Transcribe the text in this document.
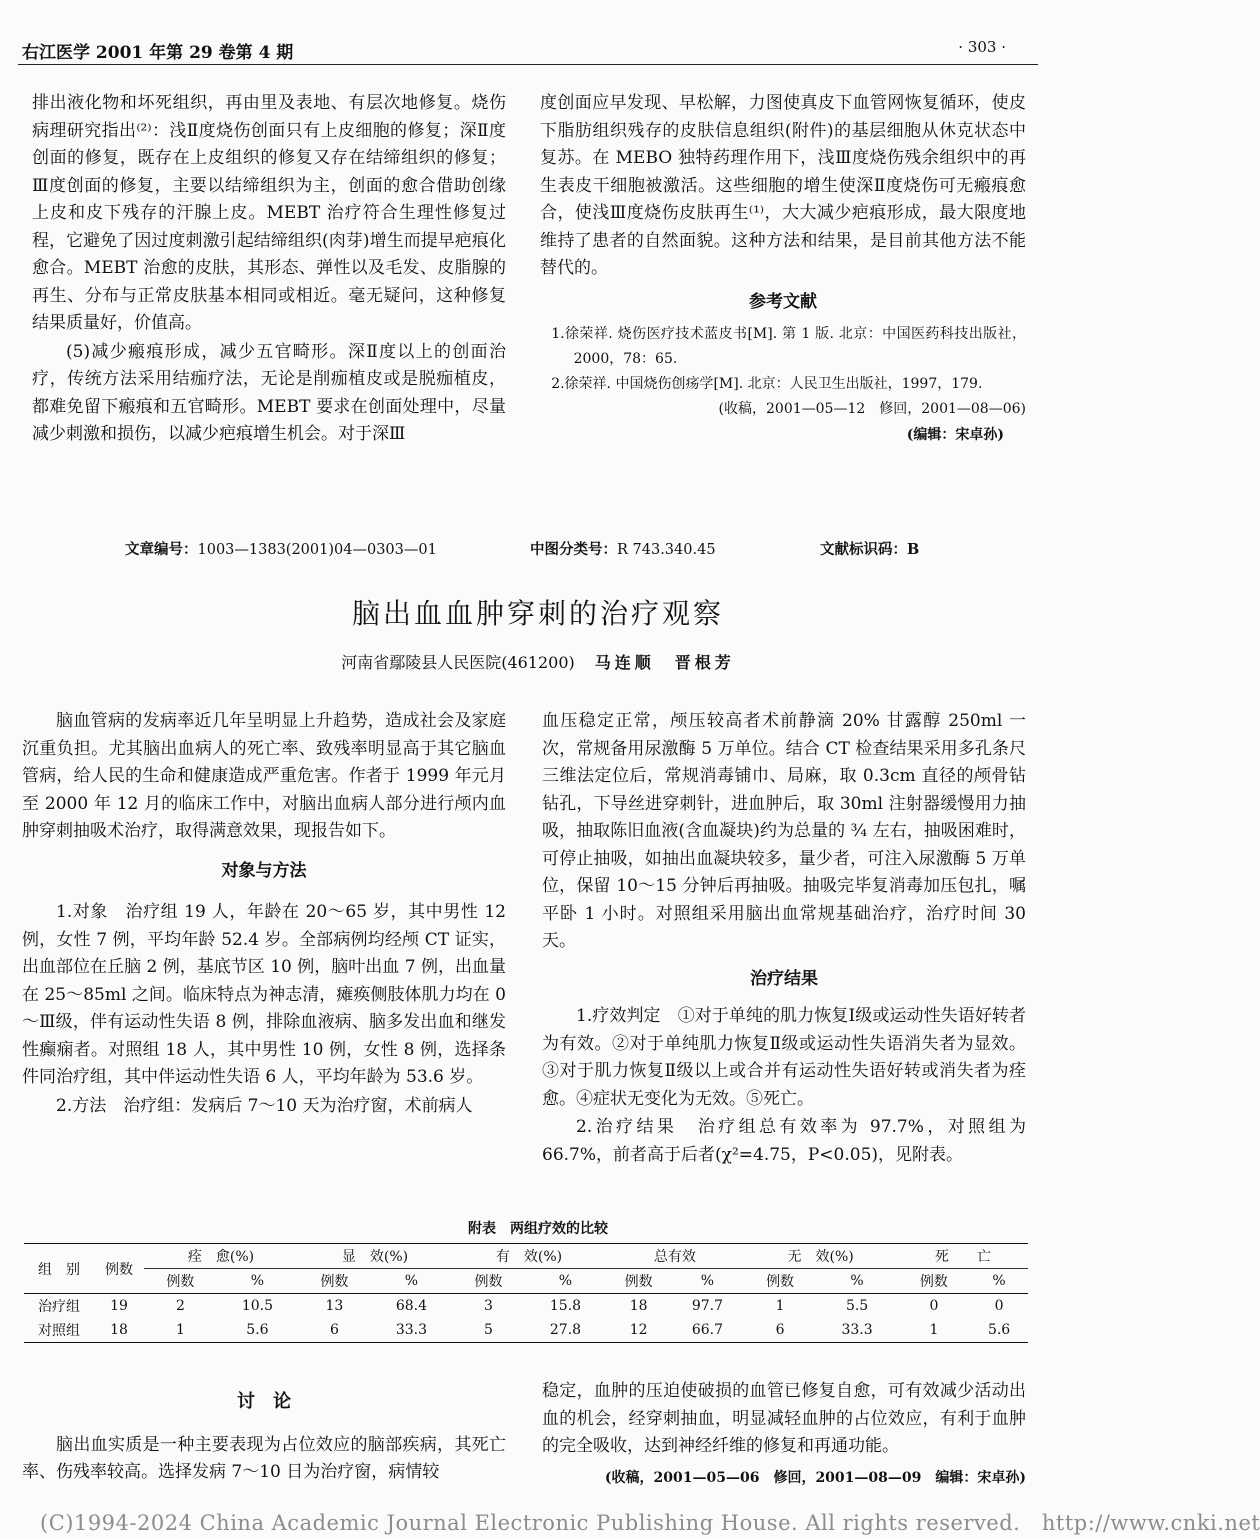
右江医学 2001 年第 29 卷第 4 期	· 303 ·

排出液化物和坏死组织，再由里及表地、有层次地修复。烧伤病理研究指出⁽²⁾：浅Ⅱ度烧伤创面只有上皮细胞的修复；深Ⅱ度创面的修复，既存在上皮组织的修复又存在结缔组织的修复；Ⅲ度创面的修复，主要以结缔组织为主，创面的愈合借助创缘上皮和皮下残存的汗腺上皮。MEBT 治疗符合生理性修复过程，它避免了因过度刺激引起结缔组织(肉芽)增生而提早疤痕化愈合。MEBT 治愈的皮肤，其形态、弹性以及毛发、皮脂腺的再生、分布与正常皮肤基本相同或相近。毫无疑问，这种修复结果质量好，价值高。

(5)减少瘢痕形成，减少五官畸形。深Ⅱ度以上的创面治疗，传统方法采用结痂疗法，无论是削痂植皮或是脱痂植皮，都难免留下瘢痕和五官畸形。MEBT 要求在创面处理中，尽量减少刺激和损伤，以减少疤痕增生机会。对于深Ⅲ

度创面应早发现、早松解，力图使真皮下血管网恢复循环，使皮下脂肪组织残存的皮肤信息组织(附件)的基层细胞从休克状态中复苏。在 MEBO 独特药理作用下，浅Ⅲ度烧伤残余组织中的再生表皮干细胞被激活。这些细胞的增生使深Ⅱ度烧伤可无瘢痕愈合，使浅Ⅲ度烧伤皮肤再生⁽¹⁾，大大减少疤痕形成，最大限度地维持了患者的自然面貌。这种方法和结果，是目前其他方法不能替代的。

参考文献

1.徐荣祥. 烧伤医疗技术蓝皮书[M]. 第 1 版. 北京：中国医药科技出版社，2000，78：65.

2.徐荣祥. 中国烧伤创疡学[M]. 北京：人民卫生出版社，1997，179.

(收稿，2001—05—12　修回，2001—08—06)

(编辑：宋卓孙)

文章编号：1003—1383(2001)04—0303—01	中图分类号：R 743.340.45	文献标识码：B
脑出血血肿穿刺的治疗观察
河南省鄢陵县人民医院(461200) 马连顺　晋根芳

脑血管病的发病率近几年呈明显上升趋势，造成社会及家庭沉重负担。尤其脑出血病人的死亡率、致残率明显高于其它脑血管病，给人民的生命和健康造成严重危害。作者于 1999 年元月至 2000 年 12 月的临床工作中，对脑出血病人部分进行颅内血肿穿刺抽吸术治疗，取得满意效果，现报告如下。

对象与方法

1.对象　治疗组 19 人，年龄在 20～65 岁，其中男性 12 例，女性 7 例，平均年龄 52.4 岁。全部病例均经颅 CT 证实，出血部位在丘脑 2 例，基底节区 10 例，脑叶出血 7 例，出血量在 25～85ml 之间。临床特点为神志清，瘫痪侧肢体肌力均在 0～Ⅲ级，伴有运动性失语 8 例，排除血液病、脑多发出血和继发性癫痫者。对照组 18 人，其中男性 10 例，女性 8 例，选择条件同治疗组，其中伴运动性失语 6 人，平均年龄为 53.6 岁。

2.方法　治疗组：发病后 7～10 天为治疗窗，术前病人

血压稳定正常，颅压较高者术前静滴 20% 甘露醇 250ml 一次，常规备用尿激酶 5 万单位。结合 CT 检查结果采用多孔条尺三维法定位后，常规消毒铺巾、局麻，取 0.3cm 直径的颅骨钻钻孔，下导丝进穿刺针，进血肿后，取 30ml 注射器缓慢用力抽吸，抽取陈旧血液(含血凝块)约为总量的 ¾ 左右，抽吸困难时，可停止抽吸，如抽出血凝块较多，量少者，可注入尿激酶 5 万单位，保留 10～15 分钟后再抽吸。抽吸完毕复消毒加压包扎，嘱平卧 1 小时。对照组采用脑出血常规基础治疗，治疗时间 30 天。

治疗结果

1.疗效判定　①对于单纯的肌力恢复Ⅰ级或运动性失语好转者为有效。②对于单纯肌力恢复Ⅱ级或运动性失语消失者为显效。③对于肌力恢复Ⅱ级以上或合并有运动性失语好转或消失者为痊愈。④症状无变化为无效。⑤死亡。

2.治疗结果　治疗组总有效率为 97.7%，对照组为 66.7%，前者高于后者(χ²=4.75，P<0.05)，见附表。

附表　两组疗效的比较
组　别	例数	痊　愈(%)		显　效(%)		有　效(%)		总有效		无　效(%)		死　　亡	
		例数	%	例数	%	例数	%	例数	%	例数	%	例数	%
治疗组	19	2	10.5	13	68.4	3	15.8	18	97.7	1	5.5	0	0
对照组	18	1	5.6	6	33.3	5	27.8	12	66.7	6	33.3	1	5.6
讨　论

脑出血实质是一种主要表现为占位效应的脑部疾病，其死亡率、伤残率较高。选择发病 7～10 日为治疗窗，病情较

稳定，血肿的压迫使破损的血管已修复自愈，可有效减少活动出血的机会，经穿刺抽血，明显减轻血肿的占位效应，有利于血肿的完全吸收，达到神经纤维的修复和再通功能。

(收稿，2001—05—06　修回，2001—08—09　编辑：宋卓孙)

(C)1994-2024 China Academic Journal Electronic Publishing House. All rights reserved.　http://www.cnki.net
